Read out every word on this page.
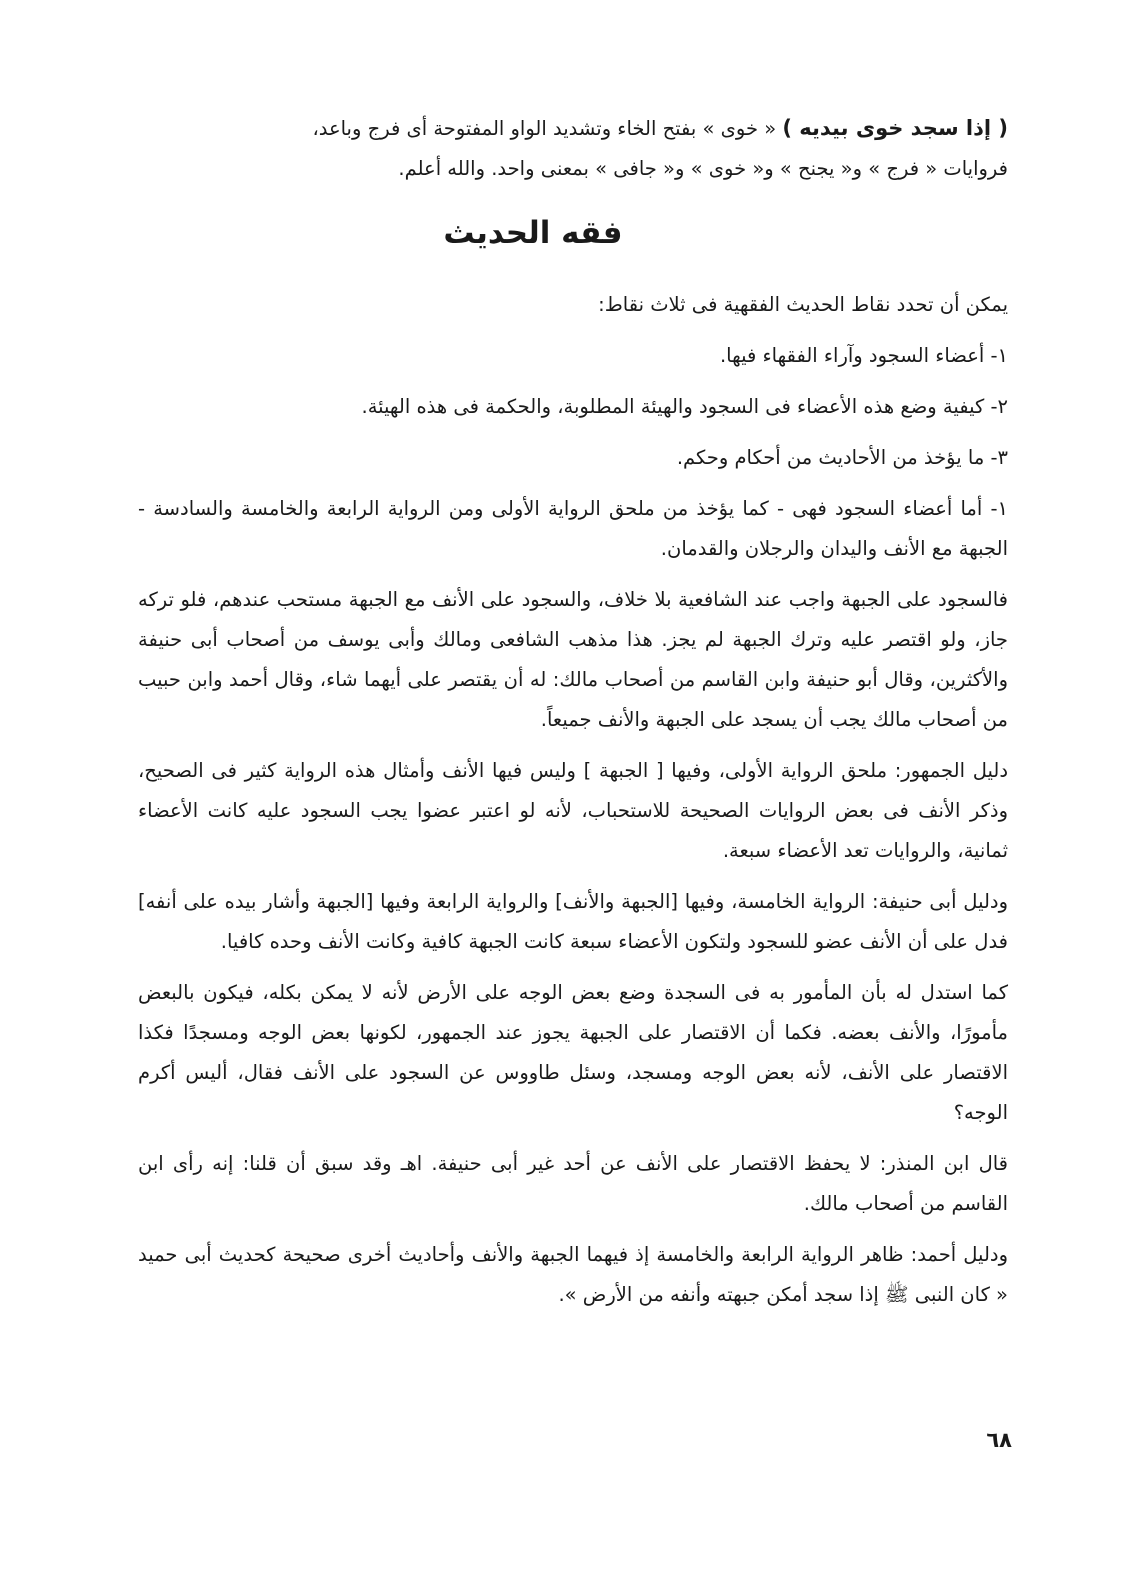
( إذا سجد خوى بيديه ) « خوى » بفتح الخاء وتشديد الواو المفتوحة أى فرج وباعد،
فروايات « فرج » و« يجنح » و« خوى » و« جافى » بمعنى واحد. والله أعلم.

فقه الحديث

يمكن أن تحدد نقاط الحديث الفقهية فى ثلاث نقاط:

١- أعضاء السجود وآراء الفقهاء فيها.

٢- كيفية وضع هذه الأعضاء فى السجود والهيئة المطلوبة، والحكمة فى هذه الهيئة.

٣- ما يؤخذ من الأحاديث من أحكام وحكم.

١- أما أعضاء السجود فهى - كما يؤخذ من ملحق الرواية الأولى ومن الرواية الرابعة والخامسة والسادسة - الجبهة مع الأنف واليدان والرجلان والقدمان.

فالسجود على الجبهة واجب عند الشافعية بلا خلاف، والسجود على الأنف مع الجبهة مستحب عندهم، فلو تركه جاز، ولو اقتصر عليه وترك الجبهة لم يجز. هذا مذهب الشافعى ومالك وأبى يوسف من أصحاب أبى حنيفة والأكثرين، وقال أبو حنيفة وابن القاسم من أصحاب مالك: له أن يقتصر على أيهما شاء، وقال أحمد وابن حبيب من أصحاب مالك يجب أن يسجد على الجبهة والأنف جميعاً.

دليل الجمهور: ملحق الرواية الأولى، وفيها [ الجبهة ] وليس فيها الأنف وأمثال هذه الرواية كثير فى الصحيح، وذكر الأنف فى بعض الروايات الصحيحة للاستحباب، لأنه لو اعتبر عضوا يجب السجود عليه كانت الأعضاء ثمانية، والروايات تعد الأعضاء سبعة.

ودليل أبى حنيفة: الرواية الخامسة، وفيها [الجبهة والأنف] والرواية الرابعة وفيها [الجبهة وأشار بيده على أنفه] فدل على أن الأنف عضو للسجود ولتكون الأعضاء سبعة كانت الجبهة كافية وكانت الأنف وحده كافيا.

كما استدل له بأن المأمور به فى السجدة وضع بعض الوجه على الأرض لأنه لا يمكن بكله، فيكون بالبعض مأمورًا، والأنف بعضه. فكما أن الاقتصار على الجبهة يجوز عند الجمهور، لكونها بعض الوجه ومسجدًا فكذا الاقتصار على الأنف، لأنه بعض الوجه ومسجد، وسئل طاووس عن السجود على الأنف فقال، أليس أكرم الوجه؟

قال ابن المنذر: لا يحفظ الاقتصار على الأنف عن أحد غير أبى حنيفة. اهـ وقد سبق أن قلنا: إنه رأى ابن القاسم من أصحاب مالك.

ودليل أحمد: ظاهر الرواية الرابعة والخامسة إذ فيهما الجبهة والأنف وأحاديث أخرى صحيحة كحديث أبى حميد « كان النبى ﷺ إذا سجد أمكن جبهته وأنفه من الأرض ».

٦٨
